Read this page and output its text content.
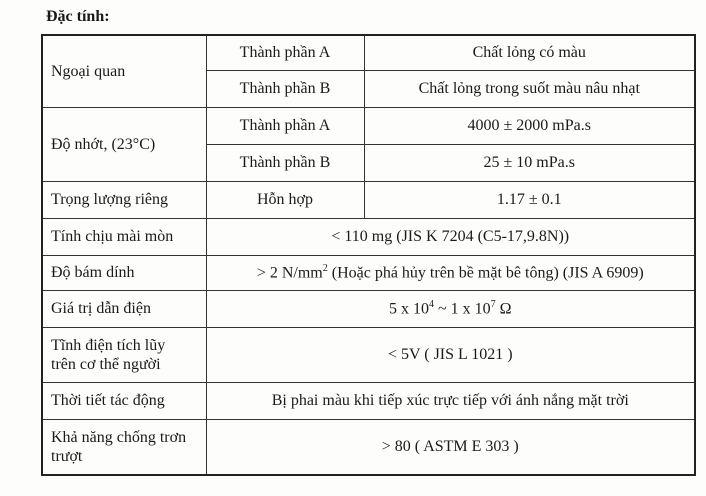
Đặc tính:
Ngoại quan	Thành phần A	Chất lỏng có màu
	Thành phần B	Chất lỏng trong suốt màu nâu nhạt
Độ nhớt, (23°C)	Thành phần A	4000 ± 2000 mPa.s
	Thành phần B	25 ± 10 mPa.s
Trọng lượng riêng	Hỗn hợp	1.17 ± 0.1
Tính chịu mài mòn	< 110 mg (JIS K 7204 (C5-17,9.8N))	
Độ bám dính	> 2 $N/mm^2$ (Hoặc phá hủy trên bề mặt bê tông) (JIS A 6909)	
Giá trị dẫn điện	5 x $10^4$ ~ 1 x $10^7$ Ω	
Tĩnh điện tích lũy
trên cơ thể người	< 5V ( JIS L 1021 )	
Thời tiết tác động	Bị phai màu khi tiếp xúc trực tiếp với ánh nắng mặt trời	
Khả năng chống trơn
trượt	> 80 ( ASTM E 303 )	
